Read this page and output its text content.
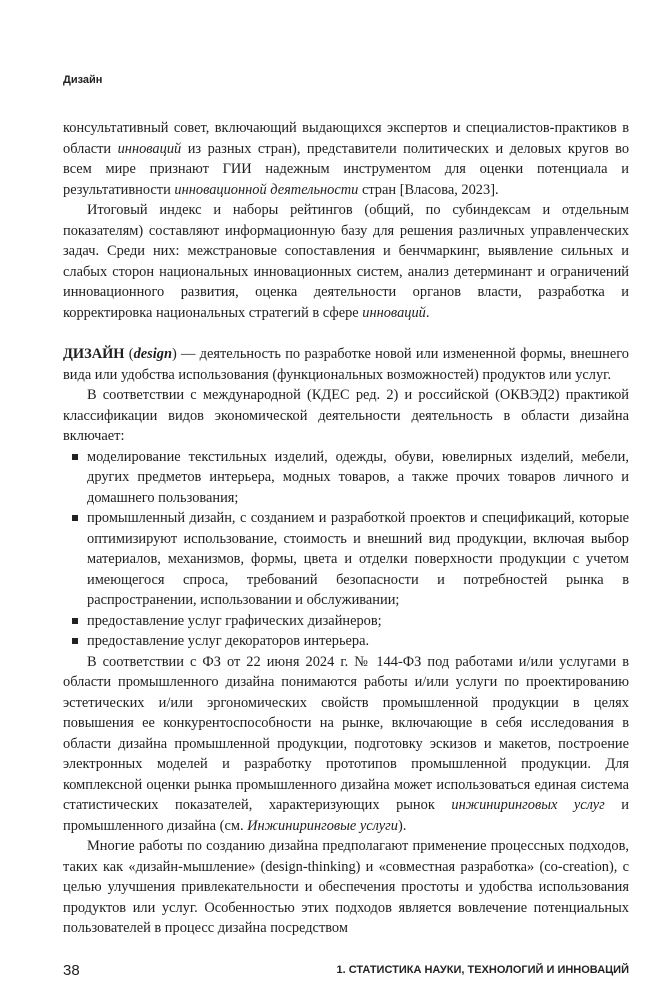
Дизайн

консультативный совет, включающий выдающихся экспертов и специалистов-практиков в области инноваций из разных стран), представители политических и деловых кругов во всем мире признают ГИИ надежным инструментом для оценки потенциала и результативности инновационной деятельности стран [Власова, 2023].

Итоговый индекс и наборы рейтингов (общий, по субиндексам и отдельным показателям) составляют информационную базу для решения различных управленческих задач. Среди них: межстрановые сопоставления и бенчмаркинг, выявление сильных и слабых сторон национальных инновационных систем, анализ детерминант и ограничений инновационного развития, оценка деятельности органов власти, разработка и корректировка национальных стратегий в сфере инноваций.

ДИЗАЙН (design) — деятельность по разработке новой или измененной формы, внешнего вида или удобства использования (функциональных возможностей) продуктов или услуг.

В соответствии с международной (КДЕС ред. 2) и российской (ОКВЭД2) практикой классификации видов экономической деятельности деятельность в области дизайна включает:

моделирование текстильных изделий, одежды, обуви, ювелирных изделий, мебели, других предметов интерьера, модных товаров, а также прочих товаров личного и домашнего пользования;
промышленный дизайн, с созданием и разработкой проектов и спецификаций, которые оптимизируют использование, стоимость и внешний вид продукции, включая выбор материалов, механизмов, формы, цвета и отделки поверхности продукции с учетом имеющегося спроса, требований безопасности и потребностей рынка в распространении, использовании и обслуживании;
предоставление услуг графических дизайнеров;
предоставление услуг декораторов интерьера.

В соответствии с ФЗ от 22 июня 2024 г. № 144-ФЗ под работами и/или услугами в области промышленного дизайна понимаются работы и/или услуги по проектированию эстетических и/или эргономических свойств промышленной продукции в целях повышения ее конкурентоспособности на рынке, включающие в себя исследования в области дизайна промышленной продукции, подготовку эскизов и макетов, построение электронных моделей и разработку прототипов промышленной продукции. Для комплексной оценки рынка промышленного дизайна может использоваться единая система статистических показателей, характеризующих рынок инжиниринговых услуг и промышленного дизайна (см. Инжиниринговые услуги).

Многие работы по созданию дизайна предполагают применение процессных подходов, таких как «дизайн-мышление» (design-thinking) и «совместная разработка» (co-creation), с целью улучшения привлекательности и обеспечения простоты и удобства использования продуктов или услуг. Особенностью этих подходов является вовлечение потенциальных пользователей в процесс дизайна посредством

38	1. СТАТИСТИКА НАУКИ, ТЕХНОЛОГИЙ И ИННОВАЦИЙ
